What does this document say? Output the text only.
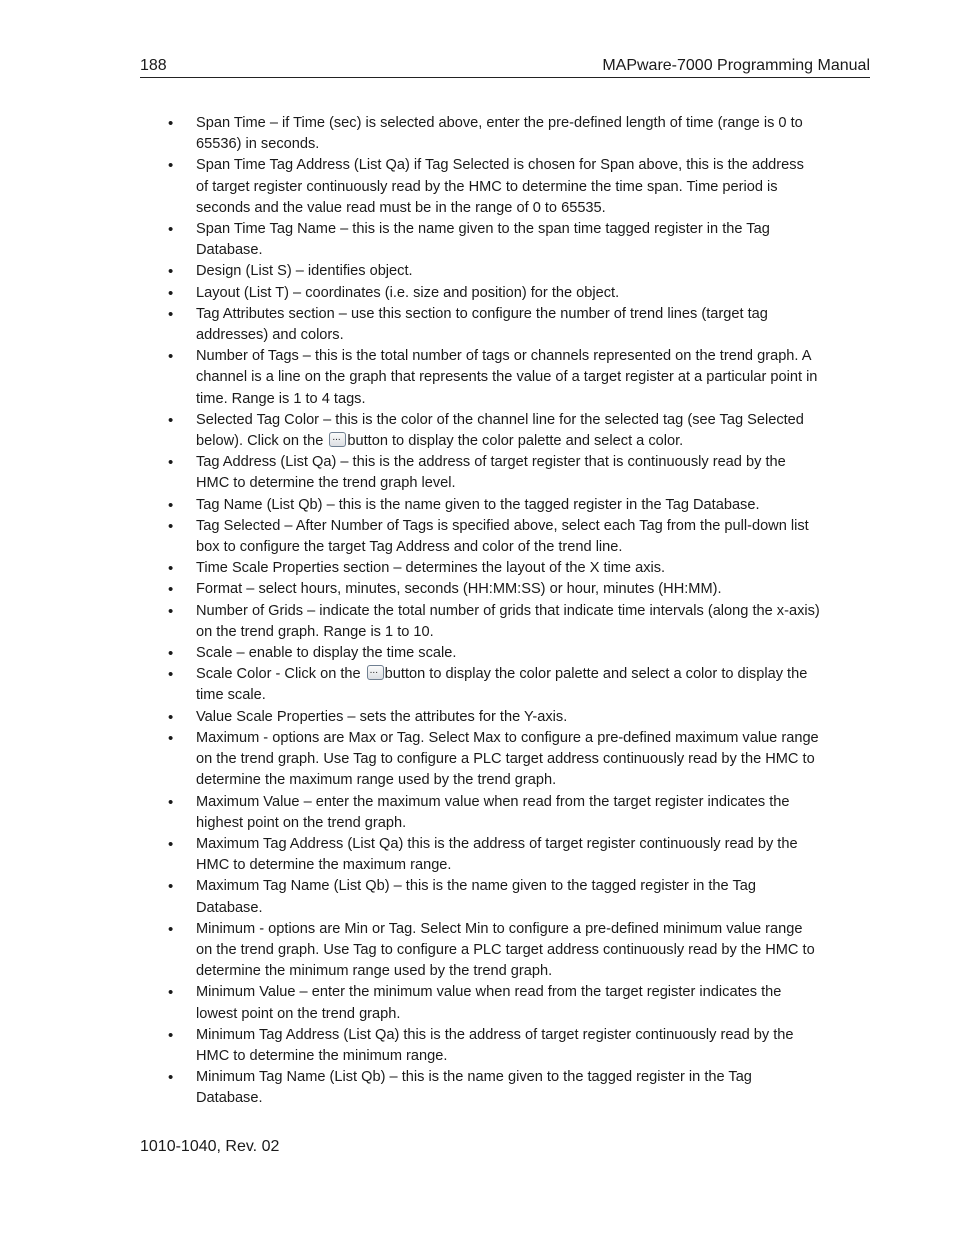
188	MAPware-7000 Programming Manual
• Span Time – if Time (sec) is selected above, enter the pre-defined length of time (range is 0 to 65536) in seconds.
• Span Time Tag Address (List Qa) if Tag Selected is chosen for Span above, this is the address of target register continuously read by the HMC to determine the time span. Time period is seconds and the value read must be in the range of 0 to 65535.
• Span Time Tag Name – this is the name given to the span time tagged register in the Tag Database.
• Design (List S) – identifies object.
• Layout (List T) – coordinates (i.e. size and position) for the object.
• Tag Attributes section – use this section to configure the number of trend lines (target tag addresses) and colors.
• Number of Tags – this is the total number of tags or channels represented on the trend graph. A channel is a line on the graph that represents the value of a target register at a particular point in time. Range is 1 to 4 tags.
• Selected Tag Color – this is the color of the channel line for the selected tag (see Tag Selected below). Click on the ... button to display the color palette and select a color.
• Tag Address (List Qa) – this is the address of target register that is continuously read by the HMC to determine the trend graph level.
• Tag Name (List Qb) – this is the name given to the tagged register in the Tag Database.
• Tag Selected – After Number of Tags is specified above, select each Tag from the pull-down list box to configure the target Tag Address and color of the trend line.
• Time Scale Properties section – determines the layout of the X time axis.
• Format – select hours, minutes, seconds (HH:MM:SS) or hour, minutes (HH:MM).
• Number of Grids – indicate the total number of grids that indicate time intervals (along the x-axis) on the trend graph. Range is 1 to 10.
• Scale – enable to display the time scale.
• Scale Color - Click on the ... button to display the color palette and select a color to display the time scale.
• Value Scale Properties – sets the attributes for the Y-axis.
• Maximum - options are Max or Tag. Select Max to configure a pre-defined maximum value range on the trend graph. Use Tag to configure a PLC target address continuously read by the HMC to determine the maximum range used by the trend graph.
• Maximum Value – enter the maximum value when read from the target register indicates the highest point on the trend graph.
• Maximum Tag Address (List Qa) this is the address of target register continuously read by the HMC to determine the maximum range.
• Maximum Tag Name (List Qb) – this is the name given to the tagged register in the Tag Database.
• Minimum - options are Min or Tag. Select Min to configure a pre-defined minimum value range on the trend graph. Use Tag to configure a PLC target address continuously read by the HMC to determine the minimum range used by the trend graph.
• Minimum Value – enter the minimum value when read from the target register indicates the lowest point on the trend graph.
• Minimum Tag Address (List Qa) this is the address of target register continuously read by the HMC to determine the minimum range.
• Minimum Tag Name (List Qb) – this is the name given to the tagged register in the Tag Database.
1010-1040, Rev. 02
